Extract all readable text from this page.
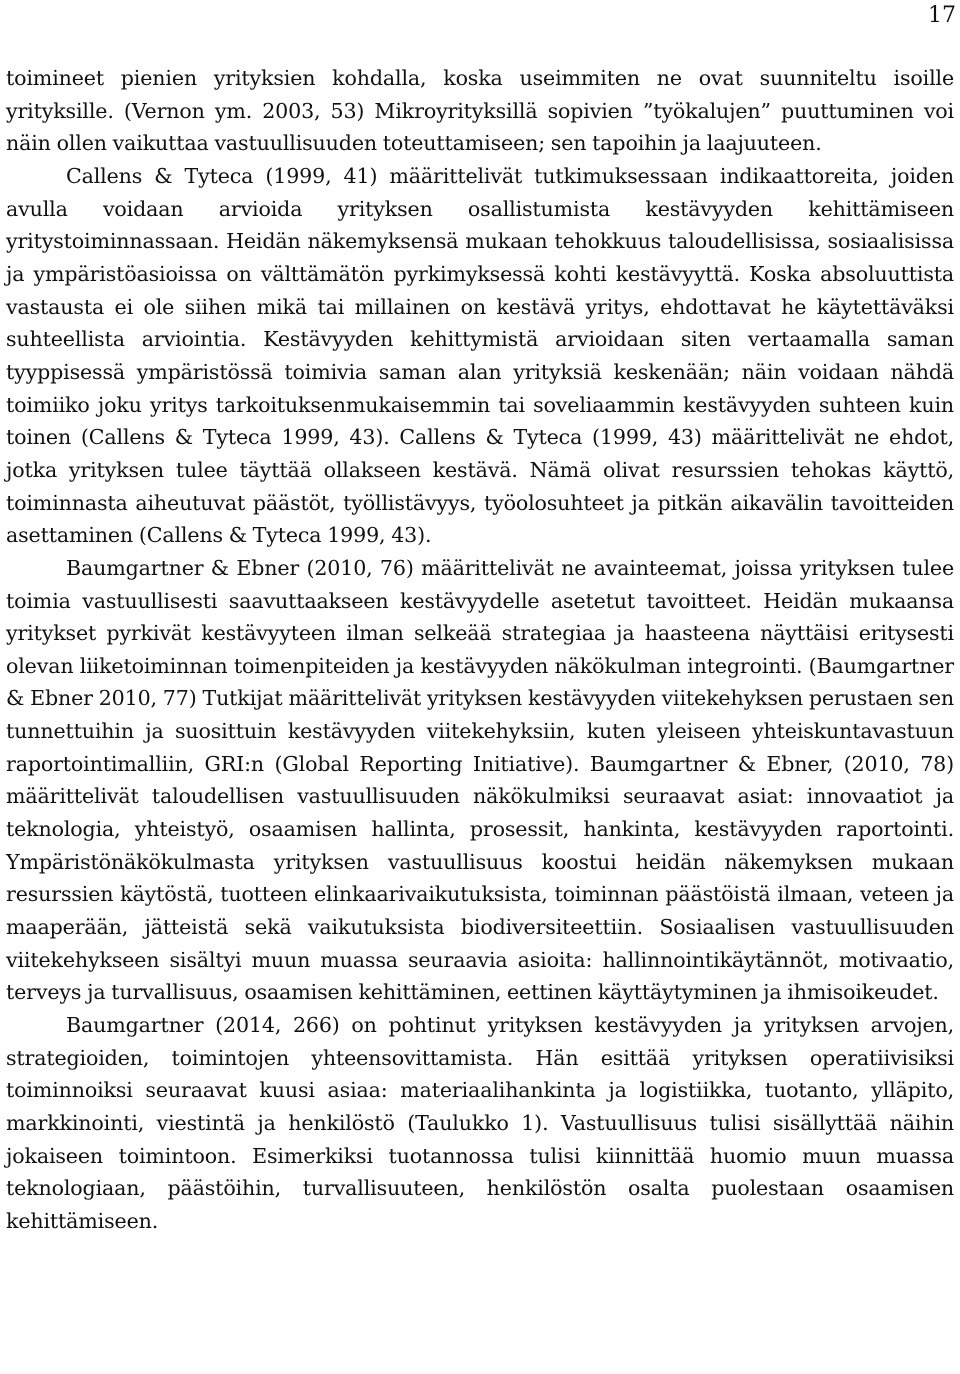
17

toimineet pienien yrityksien kohdalla, koska useimmiten ne ovat suunniteltu isoille yrityksille. (Vernon ym. 2003, 53) Mikroyrityksillä sopivien ”työkalujen” puuttuminen voi näin ollen vaikuttaa vastuullisuuden toteuttamiseen; sen tapoihin ja laajuuteen.

Callens & Tyteca (1999, 41) määrittelivät tutkimuksessaan indikaattoreita, joiden avulla voidaan arvioida yrityksen osallistumista kestävyyden kehittämiseen yritystoiminnassaan. Heidän näkemyksensä mukaan tehokkuus taloudellisissa, sosiaalisissa ja ympäristöasioissa on välttämätön pyrkimyksessä kohti kestävyyttä. Koska absoluuttista vastausta ei ole siihen mikä tai millainen on kestävä yritys, ehdottavat he käytettäväksi suhteellista arviointia. Kestävyyden kehittymistä arvioidaan siten vertaamalla saman tyyppisessä ympäristössä toimivia saman alan yrityksiä keskenään; näin voidaan nähdä toimiiko joku yritys tarkoituksenmukaisemmin tai soveliaammin kestävyyden suhteen kuin toinen (Callens & Tyteca 1999, 43). Callens & Tyteca (1999, 43) määrittelivät ne ehdot, jotka yrityksen tulee täyttää ollakseen kestävä. Nämä olivat resurssien tehokas käyttö, toiminnasta aiheutuvat päästöt, työllistävyys, työolosuhteet ja pitkän aikavälin tavoitteiden asettaminen (Callens & Tyteca 1999, 43).

Baumgartner & Ebner (2010, 76) määrittelivät ne avainteemat, joissa yrityksen tulee toimia vastuullisesti saavuttaakseen kestävyydelle asetetut tavoitteet. Heidän mukaansa yritykset pyrkivät kestävyyteen ilman selkeää strategiaa ja haasteena näyttäisi eritysesti olevan liiketoiminnan toimenpiteiden ja kestävyyden näkökulman integrointi. (Baumgartner & Ebner 2010, 77) Tutkijat määrittelivät yrityksen kestävyyden viitekehyksen perustaen sen tunnettuihin ja suosittuin kestävyyden viitekehyksiin, kuten yleiseen yhteiskuntavastuun raportointimalliin, GRI:n (Global Reporting Initiative). Baumgartner & Ebner, (2010, 78) määrittelivät taloudellisen vastuullisuuden näkökulmiksi seuraavat asiat: innovaatiot ja teknologia, yhteistyö, osaamisen hallinta, prosessit, hankinta, kestävyyden raportointi. Ympäristönäkökulmasta yrityksen vastuullisuus koostui heidän näkemyksen mukaan resurssien käytöstä, tuotteen elinkaarivaikutuksista, toiminnan päästöistä ilmaan, veteen ja maaperään, jätteistä sekä vaikutuksista biodiversiteettiin. Sosiaalisen vastuullisuuden viitekehykseen sisältyi muun muassa seuraavia asioita: hallinnointikäytännöt, motivaatio, terveys ja turvallisuus, osaamisen kehittäminen, eettinen käyttäytyminen ja ihmisoikeudet.

Baumgartner (2014, 266) on pohtinut yrityksen kestävyyden ja yrityksen arvojen, strategioiden, toimintojen yhteensovittamista. Hän esittää yrityksen operatiivisiksi toiminnoiksi seuraavat kuusi asiaa: materiaalihankinta ja logistiikka, tuotanto, ylläpito, markkinointi, viestintä ja henkilöstö (Taulukko 1). Vastuullisuus tulisi sisällyttää näihin jokaiseen toimintoon. Esimerkiksi tuotannossa tulisi kiinnittää huomio muun muassa teknologiaan, päästöihin, turvallisuuteen, henkilöstön osalta puolestaan osaamisen kehittämiseen.
